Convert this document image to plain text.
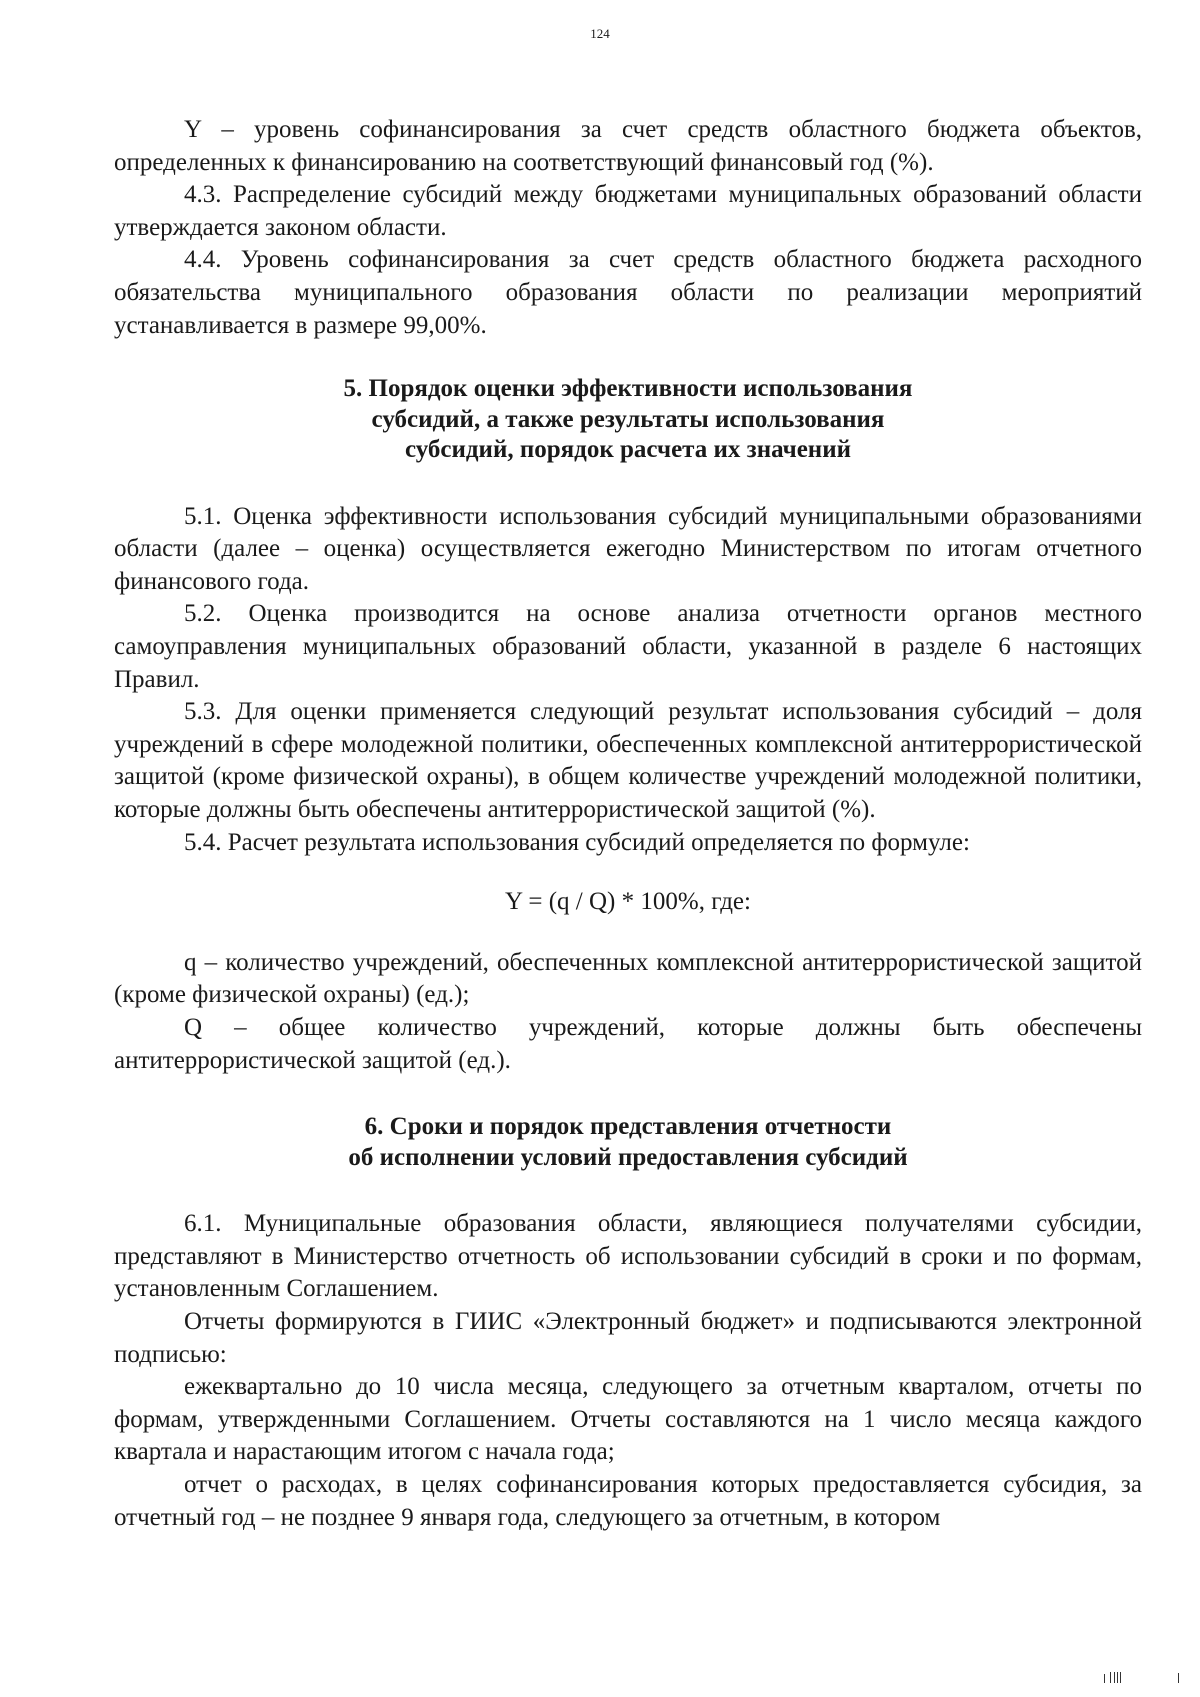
124

Y – уровень софинансирования за счет средств областного бюджета объектов, определенных к финансированию на соответствующий финансовый год (%).

4.3. Распределение субсидий между бюджетами муниципальных образований области утверждается законом области.

4.4. Уровень софинансирования за счет средств областного бюджета расходного обязательства муниципального образования области по реализации мероприятий устанавливается в размере 99,00%.

5. Порядок оценки эффективности использования
субсидий, а также результаты использования
субсидий, порядок расчета их значений

5.1. Оценка эффективности использования субсидий муниципальными образованиями области (далее – оценка) осуществляется ежегодно Министерством по итогам отчетного финансового года.

5.2. Оценка производится на основе анализа отчетности органов местного самоуправления муниципальных образований области, указанной в разделе 6 настоящих Правил.

5.3. Для оценки применяется следующий результат использования субсидий – доля учреждений в сфере молодежной политики, обеспеченных комплексной антитеррористической защитой (кроме физической охраны), в общем количестве учреждений молодежной политики, которые должны быть обеспечены антитеррористической защитой (%).

5.4. Расчет результата использования субсидий определяется по формуле:

Y = (q / Q) * 100%, где:

q – количество учреждений, обеспеченных комплексной антитеррористической защитой (кроме физической охраны) (ед.);

Q – общее количество учреждений, которые должны быть обеспечены антитеррористической защитой (ед.).

6. Сроки и порядок представления отчетности
об исполнении условий предоставления субсидий

6.1. Муниципальные образования области, являющиеся получателями субсидии, представляют в Министерство отчетность об использовании субсидий в сроки и по формам, установленным Соглашением.

Отчеты формируются в ГИИС «Электронный бюджет» и подписываются электронной подписью:

ежеквартально до 10 числа месяца, следующего за отчетным кварталом, отчеты по формам, утвержденными Соглашением. Отчеты составляются на 1 число месяца каждого квартала и нарастающим итогом с начала года;

отчет о расходах, в целях софинансирования которых предоставляется субсидия, за отчетный год – не позднее 9 января года, следующего за отчетным, в котором
